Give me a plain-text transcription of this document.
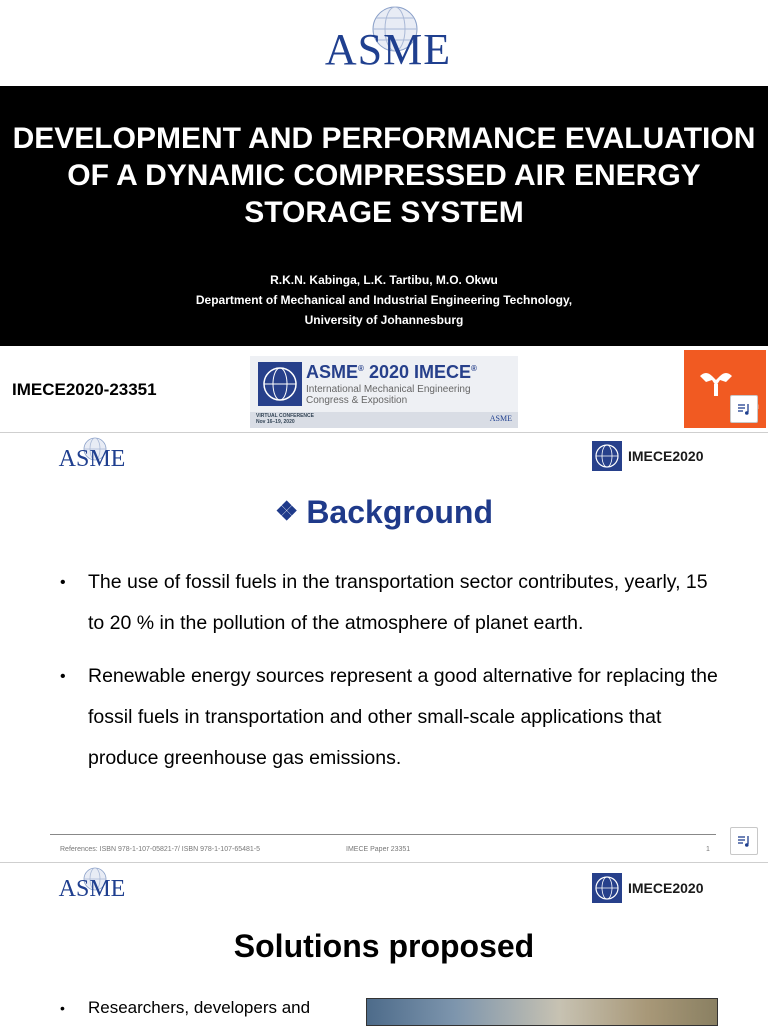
ASME
DEVELOPMENT AND PERFORMANCE EVALUATION OF A DYNAMIC COMPRESSED AIR ENERGY STORAGE SYSTEM
R.K.N. Kabinga, L.K. Tartibu, M.O. Okwu
Department of Mechanical and Industrial Engineering Technology,
University of Johannesburg
IMECE2020-23351
ASME® 2020 IMECE®
International Mechanical Engineering Congress & Exposition
VIRTUAL CONFERENCE
Nov 16–19, 2020	ASME
ASME	IMECE2020
❖ Background
• The use of fossil fuels in the transportation sector contributes, yearly, 15 to 20 % in the pollution of the atmosphere of planet earth.
• Renewable energy sources represent a good alternative for replacing the fossil fuels in transportation and other small-scale applications that produce greenhouse gas emissions.
References: ISBN 978-1-107-05821-7/ ISBN 978-1-107-65481-5	IMECE Paper 23351	1
ASME	IMECE2020
Solutions proposed
• Researchers, developers and
